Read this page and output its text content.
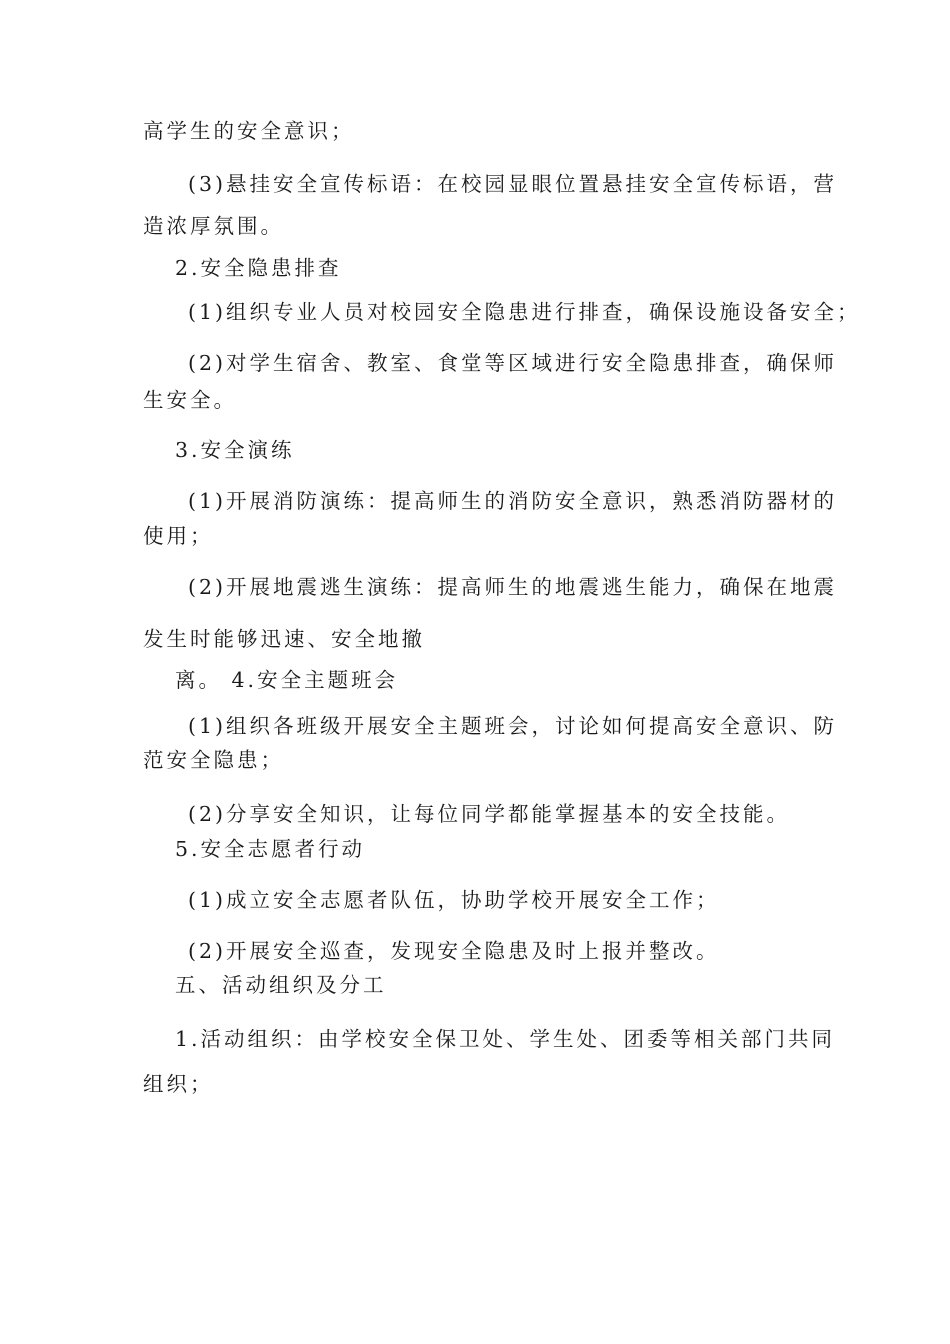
高学生的安全意识；
(3)悬挂安全宣传标语：在校园显眼位置悬挂安全宣传标语，营
造浓厚氛围。
2.安全隐患排查
(1)组织专业人员对校园安全隐患进行排查，确保设施设备安全；
(2)对学生宿舍、教室、食堂等区域进行安全隐患排查，确保师
生安全。
3.安全演练
(1)开展消防演练：提高师生的消防安全意识，熟悉消防器材的
使用；
(2)开展地震逃生演练：提高师生的地震逃生能力，确保在地震
发生时能够迅速、安全地撤
离。 4.安全主题班会
(1)组织各班级开展安全主题班会，讨论如何提高安全意识、防
范安全隐患；
(2)分享安全知识，让每位同学都能掌握基本的安全技能。
5.安全志愿者行动
(1)成立安全志愿者队伍，协助学校开展安全工作；
(2)开展安全巡查，发现安全隐患及时上报并整改。
五、活动组织及分工
1.活动组织：由学校安全保卫处、学生处、团委等相关部门共同
组织；
